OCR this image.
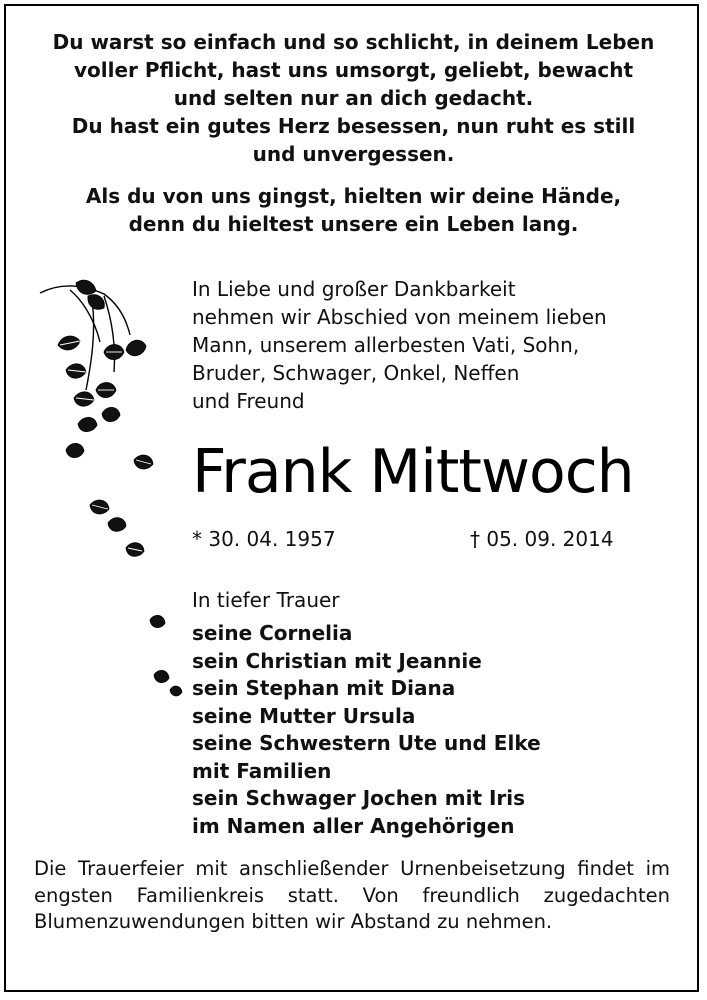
Du warst so einfach und so schlicht, in deinem Leben
voller Pflicht, hast uns umsorgt, geliebt, bewacht
und selten nur an dich gedacht.
Du hast ein gutes Herz besessen, nun ruht es still
und unvergessen.
Als du von uns gingst, hielten wir deine Hände,
denn du hieltest unsere ein Leben lang.
In Liebe und großer Dankbarkeit
nehmen wir Abschied von meinem lieben
Mann, unserem allerbesten Vati, Sohn,
Bruder, Schwager, Onkel, Neffen
und Freund
Frank Mittwoch
* 30. 04. 1957	† 05. 09. 2014
In tiefer Trauer
seine Cornelia
sein Christian mit Jeannie
sein Stephan mit Diana
seine Mutter Ursula
seine Schwestern Ute und Elke
mit Familien
sein Schwager Jochen mit Iris
im Namen aller Angehörigen
Die Trauerfeier mit anschließender Urnenbeisetzung findet im engsten Familienkreis statt. Von freundlich zugedachten Blumenzuwendungen bitten wir Abstand zu nehmen.
